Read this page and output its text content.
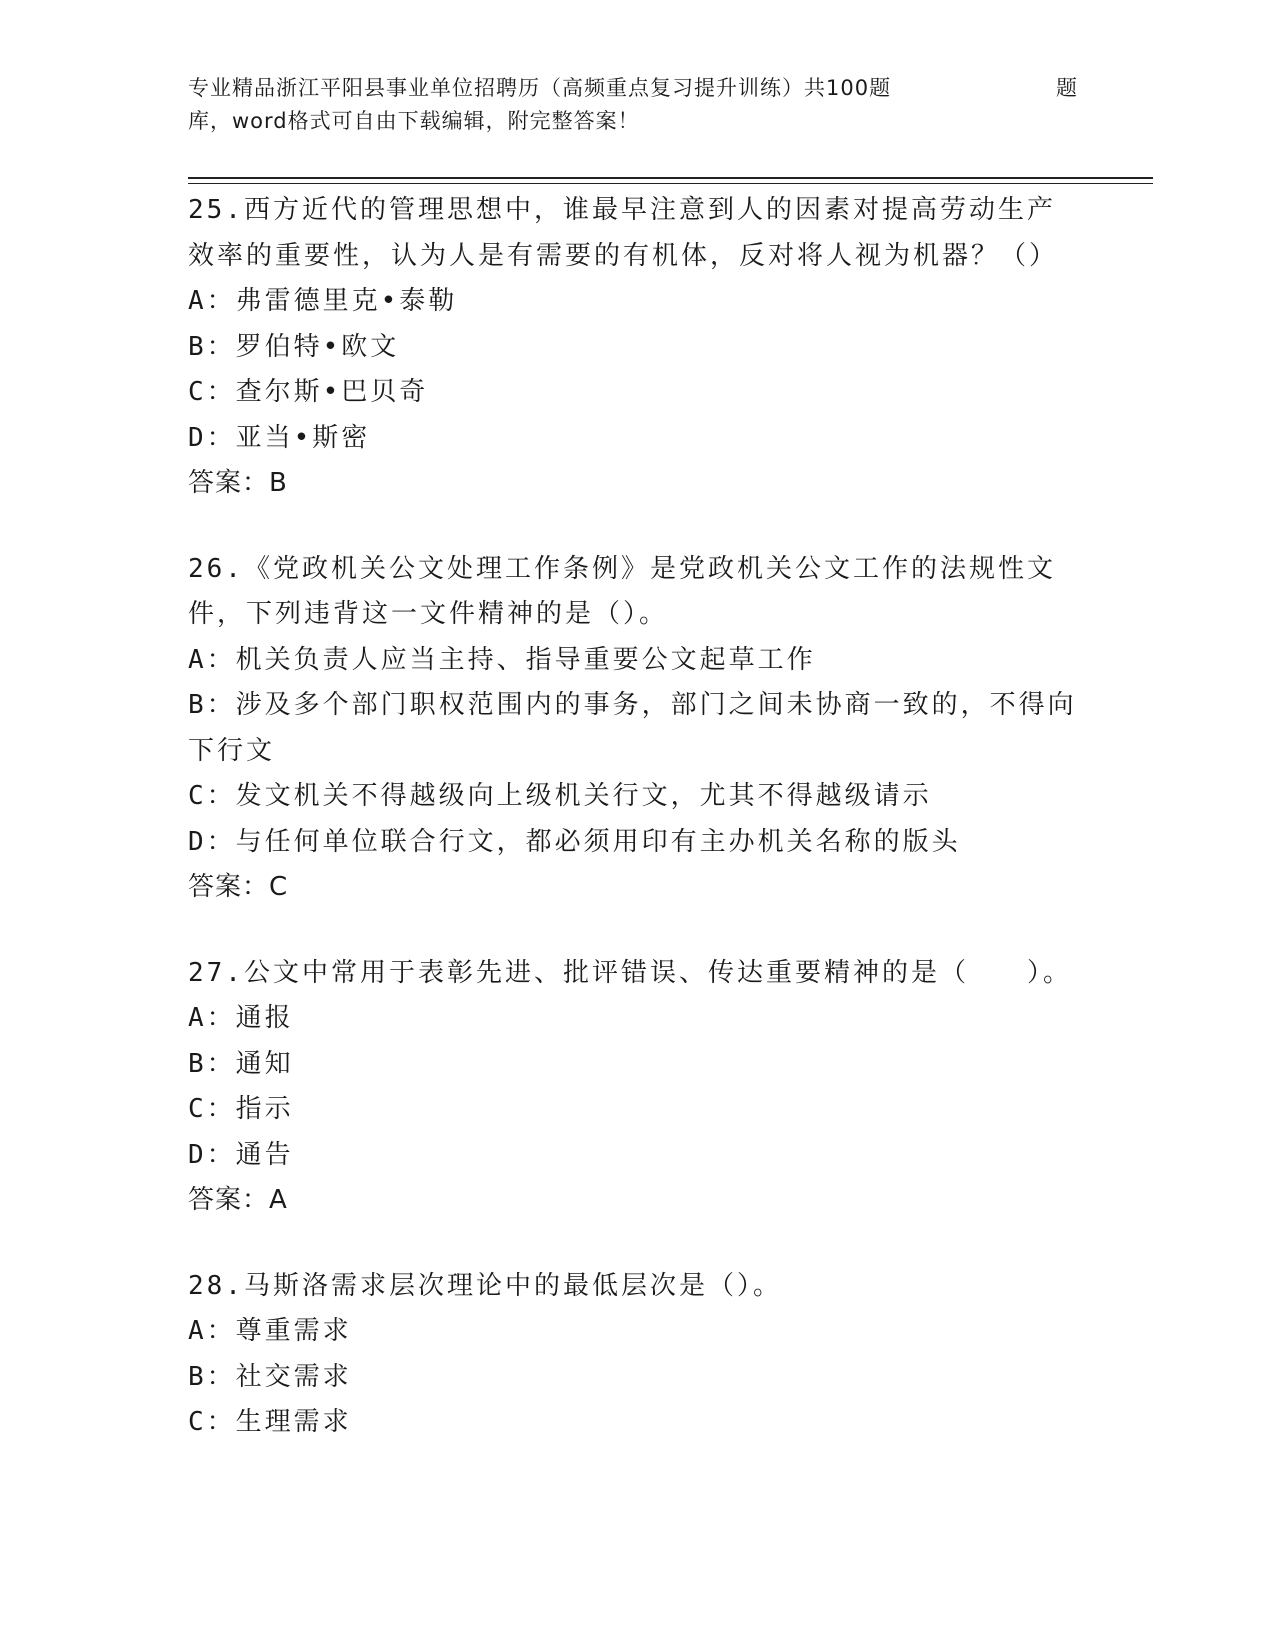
专业精品浙江平阳县事业单位招聘历（高频重点复习提升训练）共100题	题
库，word格式可自由下载编辑，附完整答案！
25.西方近代的管理思想中，谁最早注意到人的因素对提高劳动生产效率的重要性，认为人是有需要的有机体，反对将人视为机器？（）
A：弗雷德里克•泰勒
B：罗伯特•欧文
C：查尔斯•巴贝奇
D：亚当•斯密
答案：B
26.《党政机关公文处理工作条例》是党政机关公文工作的法规性文件，下列违背这一文件精神的是（）。
A：机关负责人应当主持、指导重要公文起草工作
B：涉及多个部门职权范围内的事务，部门之间未协商一致的，不得向下行文
C：发文机关不得越级向上级机关行文，尤其不得越级请示
D：与任何单位联合行文，都必须用印有主办机关名称的版头
答案：C
27.公文中常用于表彰先进、批评错误、传达重要精神的是（　　）。
A：通报
B：通知
C：指示
D：通告
答案：A
28.马斯洛需求层次理论中的最低层次是（）。
A：尊重需求
B：社交需求
C：生理需求
